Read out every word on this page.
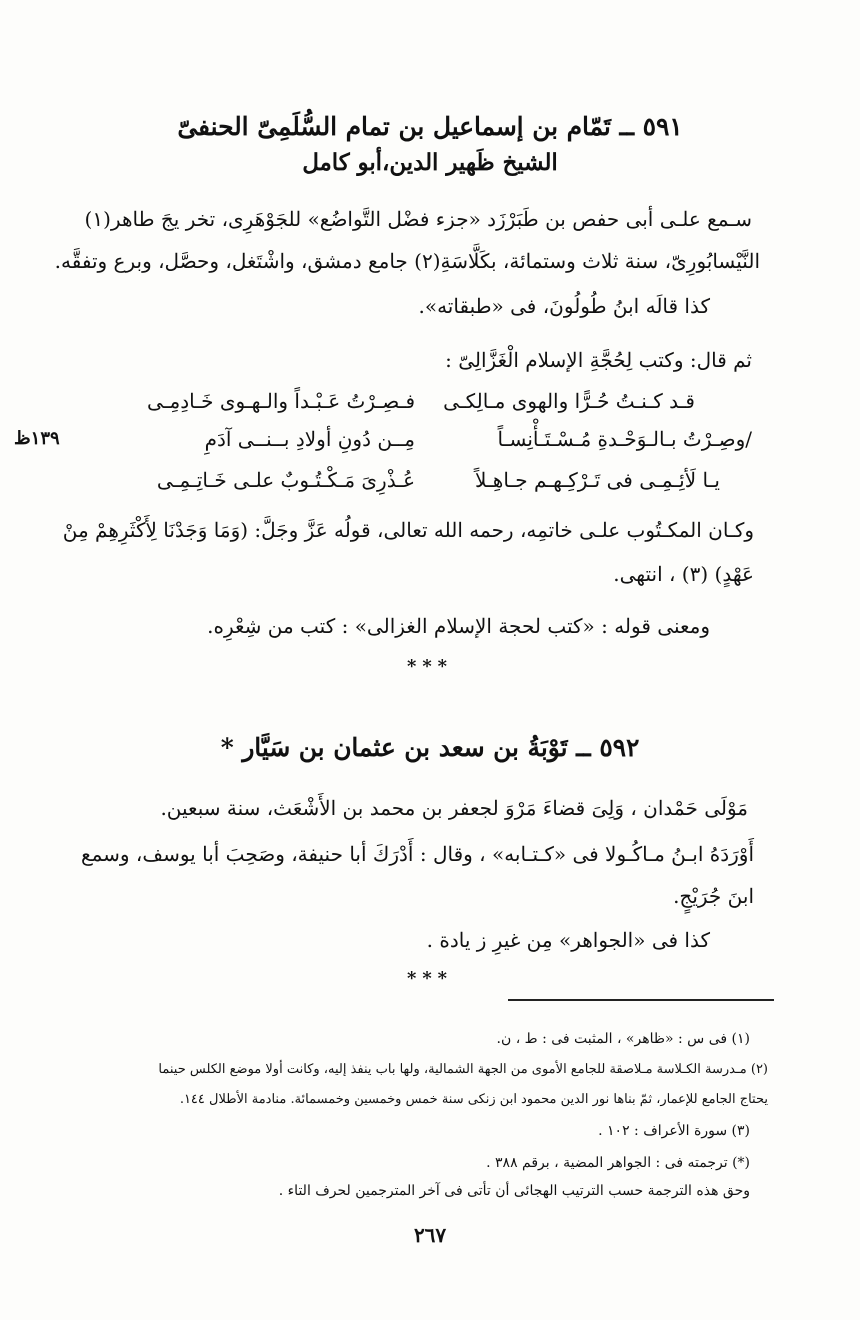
٥٩١ ــ تَمّام بن إسماعيل بن تمام السُّلَمِىّ الحنفىّ
الشيخ ظَهير الدين،أبو كامل
سـمع علـى أبى حفص بن طَبَرْزَد «جزء فضْل التَّواضُع» للجَوْهَرِى، تخر يجَ طاهر(١)
النَّيْسابُورِىّ، سنة ثلاث وستمائة، بكَلَّاسَةِ(٢) جامع دمشق، واشْتَغل، وحصَّل، وبرع وتفقَّه.
كذا قالَه ابنُ طُولُونَ، فى «طبقاته».
ثم قال: وكتب لِحُجَّةِ الإسلام الْغَزَّالِىّ :
قـد كـنـتُ حُـرًّا والهوى مـالِكـى
فـصِـرْتُ عَـبْـداً والـهـوى خَـادِمِـى
/وصِـرْتُ بـالـوَحْـدةِ مُـسْـتَـأْنِسـاً
مِــن دُونِ أولادِ بــنــى آدَمِ
يـا لَأئِـمِـى فى تَـرْكِـهـم جـاهِـلاً
عُـذْرِىَ مَـكْـتُـوبٌ علـى خَـاتِـمِـى
١٣٩ظ
وكـان المكـتُوب علـى خاتمِه، رحمه الله تعالى، قولُه عَزَّ وجَلَّ: (وَمَا وَجَدْنَا لِأَكْثَرِهِمْ مِنْ
عَهْدٍ) (٣) ، انتهى.
ومعنى قوله : «كتب لحجة الإسلام الغزالى» : كتب من شِعْرِه.
***
٥٩٢ ــ تَوْبَةُ بن سعد بن عثمان بن سَيَّار *
مَوْلَى حَمْدان ، وَلِىَ قضاءَ مَرْوَ لجعفر بن محمد بن الأَشْعَث، سنة سبعين.
أَوْرَدَهُ ابـنُ مـاكُـولا فى «كـتـابه» ، وقال : أَدْرَكَ أبا حنيفة، وصَحِبَ أبا يوسف، وسمع
ابنَ جُرَيْجٍ.
كذا فى «الجواهر» مِن غيرِ ز يادة .
***
(١) فى س : «ظاهر» ، المثبت فى : ط ، ن.
(٢) مـدرسة الكـلاسة مـلاصقة للجامع الأموى من الجهة الشمالية، ولها باب ينفذ إليه، وكانت أولا موضع الكلس حينما
يحتاج الجامع للإعمار، ثمّ بناها نور الدين محمود ابن زنكى سنة خمس وخمسين وخمسمائة. منادمة الأطلال ١٤٤.
(٣) سورة الأعراف : ١٠٢ .
(*) ترجمته فى : الجواهر المضية ، برقم ٣٨٨ .
وحق هذه الترجمة حسب الترتيب الهجائى أن تأتى فى آخر المترجمين لحرف التاء .
٢٦٧
